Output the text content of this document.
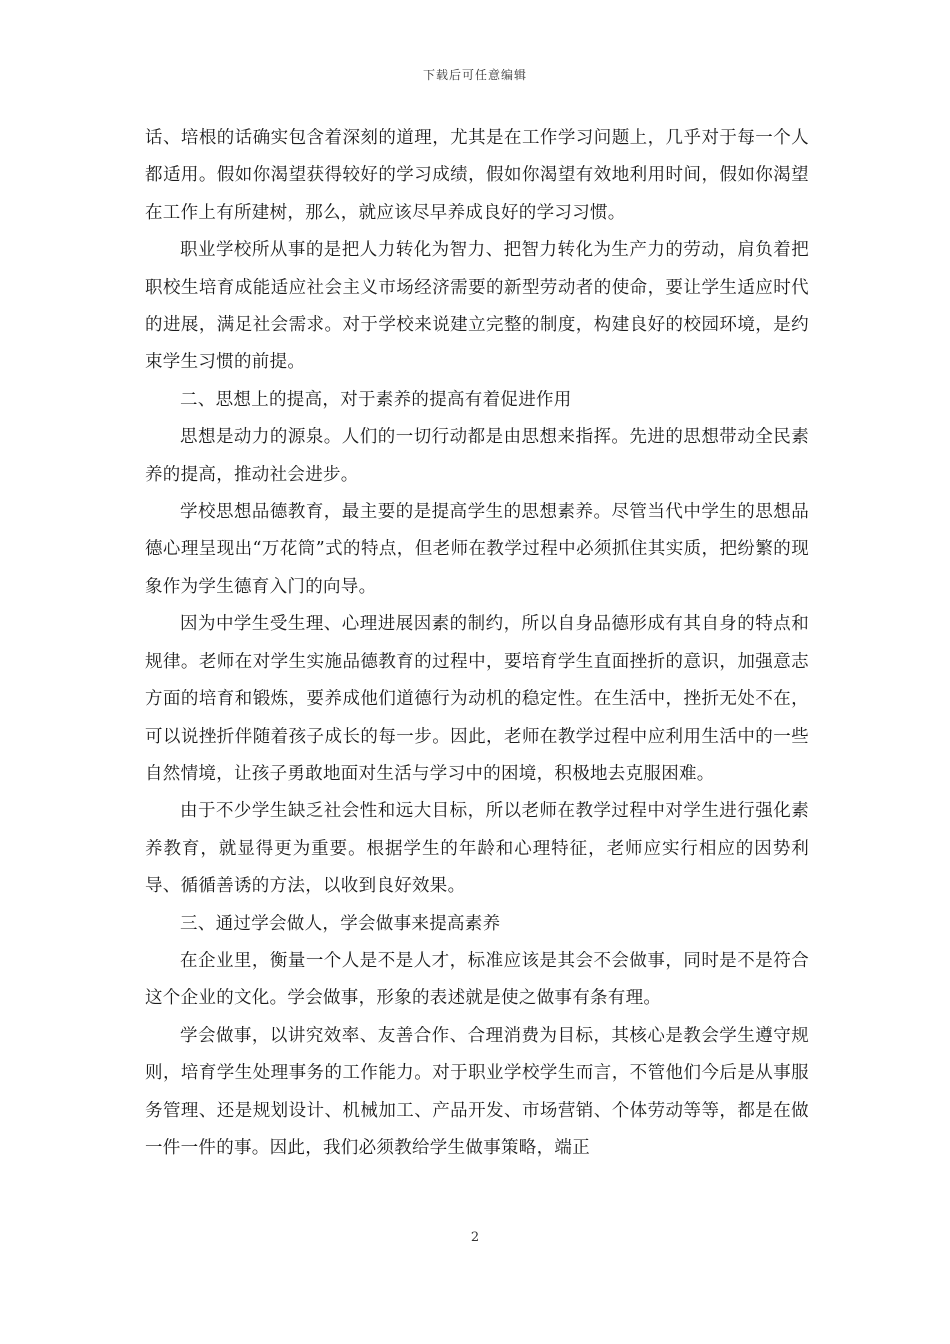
下载后可任意编辑

话、培根的话确实包含着深刻的道理，尤其是在工作学习问题上，几乎对于每一个人都适用。假如你渴望获得较好的学习成绩，假如你渴望有效地利用时间，假如你渴望在工作上有所建树，那么，就应该尽早养成良好的学习习惯。

职业学校所从事的是把人力转化为智力、把智力转化为生产力的劳动，肩负着把职校生培育成能适应社会主义市场经济需要的新型劳动者的使命，要让学生适应时代的进展，满足社会需求。对于学校来说建立完整的制度，构建良好的校园环境，是约束学生习惯的前提。

二、思想上的提高，对于素养的提高有着促进作用

思想是动力的源泉。人们的一切行动都是由思想来指挥。先进的思想带动全民素养的提高，推动社会进步。

学校思想品德教育，最主要的是提高学生的思想素养。尽管当代中学生的思想品德心理呈现出“万花筒”式的特点，但老师在教学过程中必须抓住其实质，把纷繁的现象作为学生德育入门的向导。

因为中学生受生理、心理进展因素的制约，所以自身品德形成有其自身的特点和规律。老师在对学生实施品德教育的过程中，要培育学生直面挫折的意识，加强意志方面的培育和锻炼，要养成他们道德行为动机的稳定性。在生活中，挫折无处不在，可以说挫折伴随着孩子成长的每一步。因此，老师在教学过程中应利用生活中的一些自然情境，让孩子勇敢地面对生活与学习中的困境，积极地去克服困难。

由于不少学生缺乏社会性和远大目标，所以老师在教学过程中对学生进行强化素养教育，就显得更为重要。根据学生的年龄和心理特征，老师应实行相应的因势利导、循循善诱的方法，以收到良好效果。

三、通过学会做人，学会做事来提高素养

在企业里，衡量一个人是不是人才，标准应该是其会不会做事，同时是不是符合这个企业的文化。学会做事，形象的表述就是使之做事有条有理。

学会做事，以讲究效率、友善合作、合理消费为目标，其核心是教会学生遵守规则，培育学生处理事务的工作能力。对于职业学校学生而言，不管他们今后是从事服务管理、还是规划设计、机械加工、产品开发、市场营销、个体劳动等等，都是在做一件一件的事。因此，我们必须教给学生做事策略，端正

2
